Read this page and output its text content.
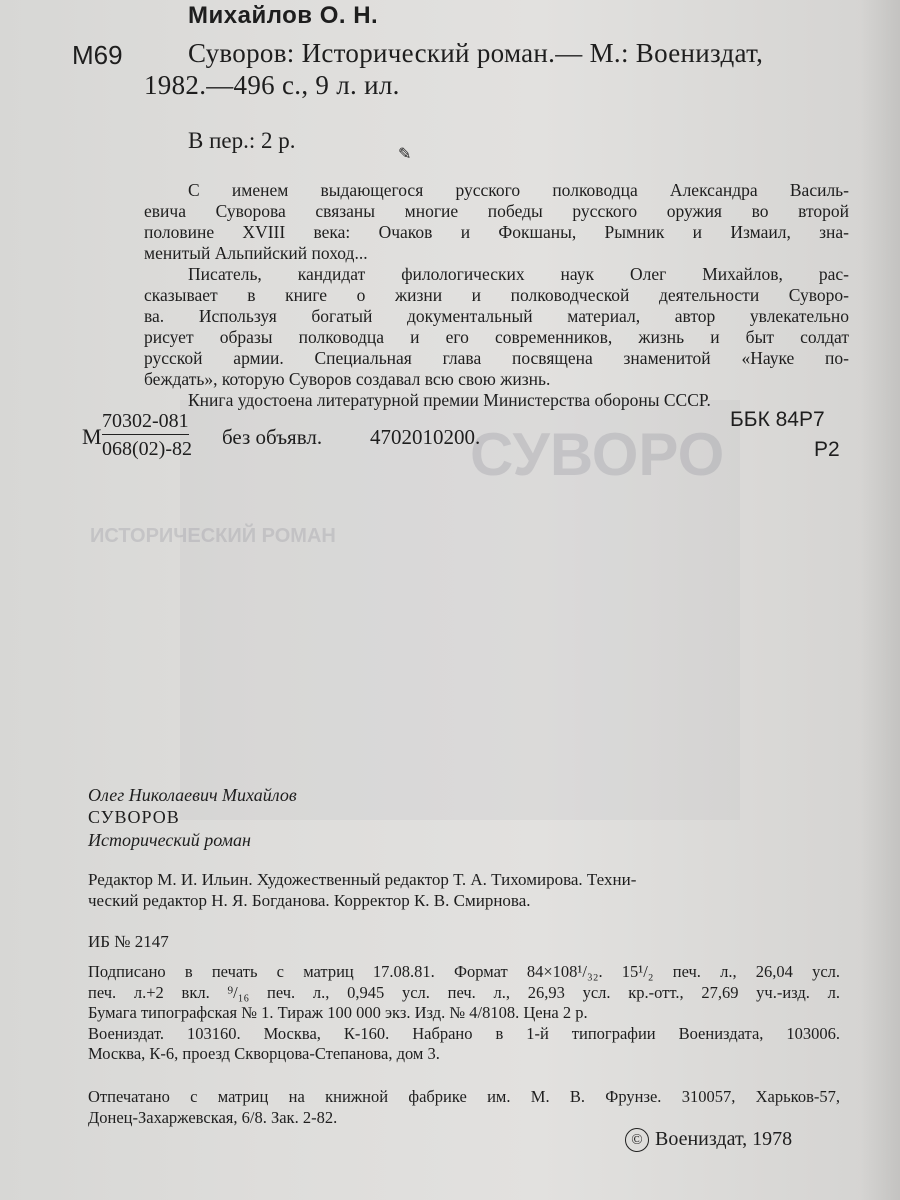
СУВОРО
ИСТОРИЧЕСКИЙ РОМАН
Михайлов О. Н.
М69 Суворов: Исторический роман.— М.: Воениздат,
1982.—496 с., 9 л. ил.
В пер.: 2 р.
✎
С именем выдающегося русского полководца Александра Василь-
евича Суворова связаны многие победы русского оружия во второй
половине XVIII века: Очаков и Фокшаны, Рымник и Измаил, зна-
менитый Альпийский поход...
Писатель, кандидат филологических наук Олег Михайлов, рас-
сказывает в книге о жизни и полководческой деятельности Суворо-
ва. Используя богатый документальный материал, автор увлекательно
рисует образы полководца и его современников, жизнь и быт солдат
русской армии. Специальная глава посвящена знаменитой «Науке по-
беждать», которую Суворов создавал всю свою жизнь.
Книга удостоена литературной премии Министерства обороны СССР.
М
70302-081
068(02)-82 без объявл. 4702010200.
ББК 84Р7
Р2
Олег Николаевич Михайлов
СУВОРОВ
Исторический роман
Редактор М. И. Ильин. Художественный редактор Т. А. Тихомирова. Техни-
ческий редактор Н. Я. Богданова. Корректор К. В. Смирнова.
ИБ № 2147
Подписано в печать с матриц 17.08.81. Формат 84×108¹/₃₂. 15¹/₂ печ. л., 26,04 усл.
печ. л.+2 вкл. ⁹/₁₆ печ. л., 0,945 усл. печ. л., 26,93 усл. кр.-отт., 27,69 уч.-изд. л.
Бумага типографская № 1. Тираж 100 000 экз. Изд. № 4/8108. Цена 2 р.
Воениздат. 103160. Москва, К-160. Набрано в 1-й типографии Воениздата, 103006.
Москва, К-6, проезд Скворцова-Степанова, дом 3.
Отпечатано с матриц на книжной фабрике им. М. В. Фрунзе. 310057, Харьков-57,
Донец-Захаржевская, 6/8. Зак. 2-82.
© Воениздат, 1978
